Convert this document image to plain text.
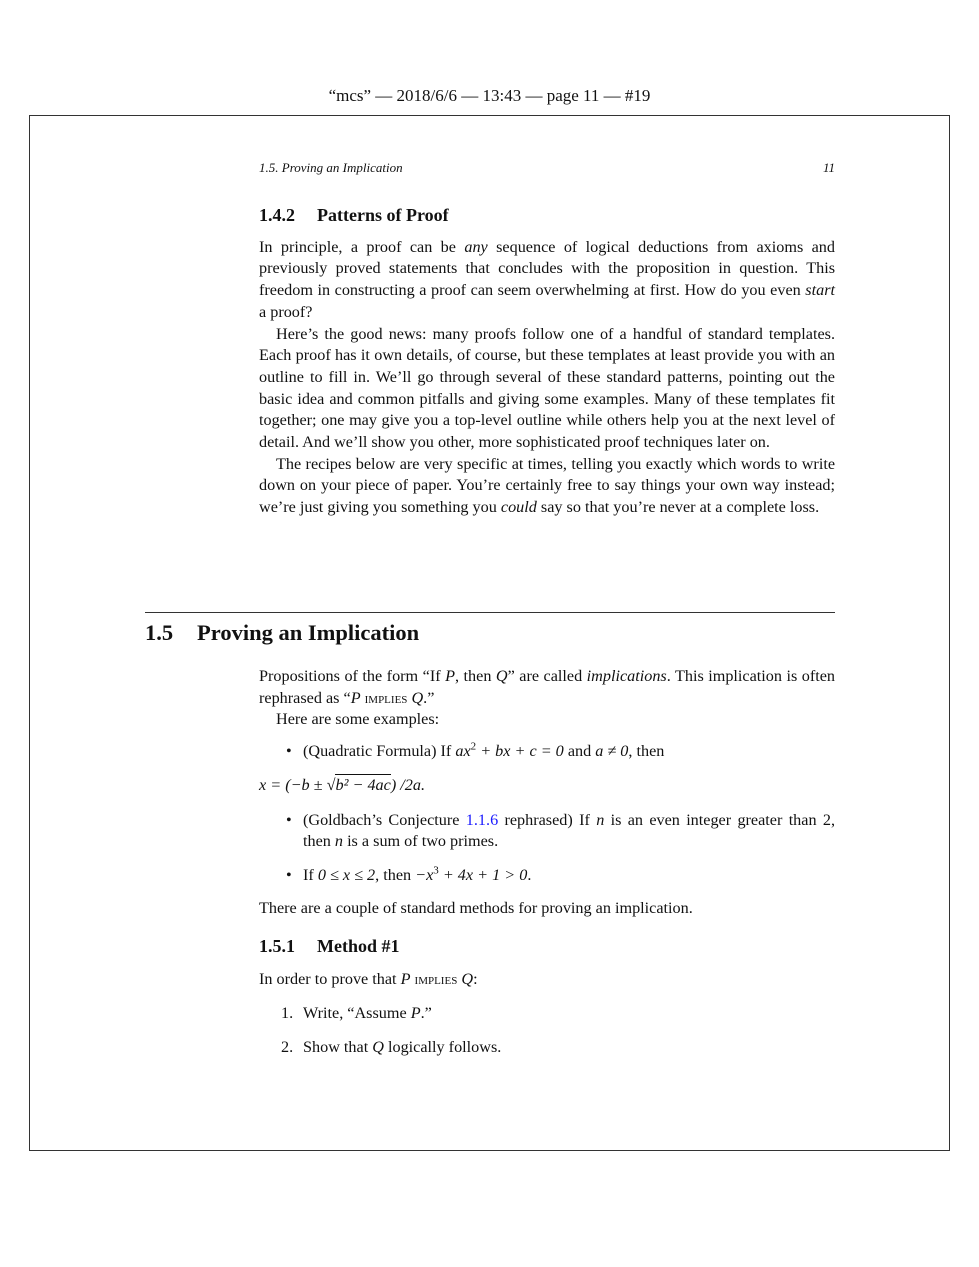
“mcs” — 2018/6/6 — 13:43 — page 11 — #19
1.5. Proving an Implication	11
1.4.2 Patterns of Proof

In principle, a proof can be any sequence of logical deductions from axioms and previously proved statements that concludes with the proposition in question. This freedom in constructing a proof can seem overwhelming at first. How do you even start a proof?

Here’s the good news: many proofs follow one of a handful of standard templates. Each proof has it own details, of course, but these templates at least provide you with an outline to fill in. We’ll go through several of these standard patterns, pointing out the basic idea and common pitfalls and giving some examples. Many of these templates fit together; one may give you a top-level outline while others help you at the next level of detail. And we’ll show you other, more sophisticated proof techniques later on.

The recipes below are very specific at times, telling you exactly which words to write down on your piece of paper. You’re certainly free to say things your own way instead; we’re just giving you something you could say so that you’re never at a complete loss.

1.5 Proving an Implication

Propositions of the form “If P, then Q” are called implications. This implication is often rephrased as “P implies Q.”

Here are some examples:

• (Quadratic Formula) If $ax^2$ + bx + c = 0 and a ≠ 0, then

x = (−b ± √b² − 4ac) /2a.

• (Goldbach’s Conjecture 1.1.6 rephrased) If n is an even integer greater than 2, then n is a sum of two primes.
• If 0 ≤ x ≤ 2, then $-x^3 + 4x + 1 > 0$.

There are a couple of standard methods for proving an implication.

1.5.1 Method #1

In order to prove that P implies Q:

1. Write, “Assume P.”
2. Show that Q logically follows.
